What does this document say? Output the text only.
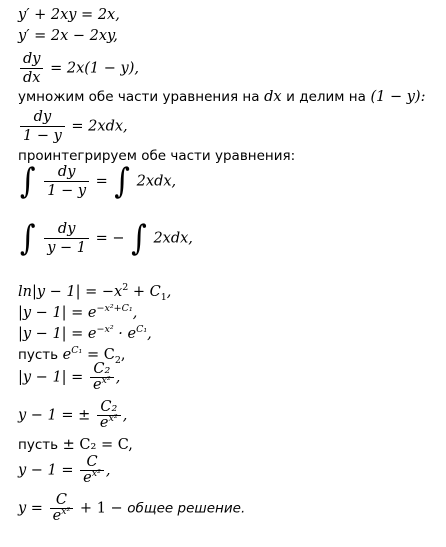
y′ + 2xy = 2x,
y′ = 2x − 2xy,
$\frac{dy}{dx} = 2x(1 - y)$,
умножим обе части уравнения на dx и делим на (1 − y):
$\frac{dy}{1 - y} = 2xdx$,
проинтегрируем обе части уравнения:
∫ $\frac{dy}{1 - y}$ = ∫ 2xdx,
∫ $\frac{dy}{y - 1}$ = − ∫ 2xdx,
$\ln|y - 1| = -x^2 + C_1$,
$|y - 1| = e^{-x^2+C_1}$,
$|y - 1| = e^{-x^2} \cdot e^{C_1}$,
пусть $e^{C_1} = C_2$,
$|y - 1| = \frac{\text{C₂}}{e^{x^2}}$ ,
y − 1 = ± $\frac{\text{C₂}}{e^{x^2}}$ ,
пусть ± C₂ = C,
$y - 1 = \frac{C}{e^{x^2}}$ ,
$y = \frac{C}{e^{x^2}} + 1$ − общее решение.
